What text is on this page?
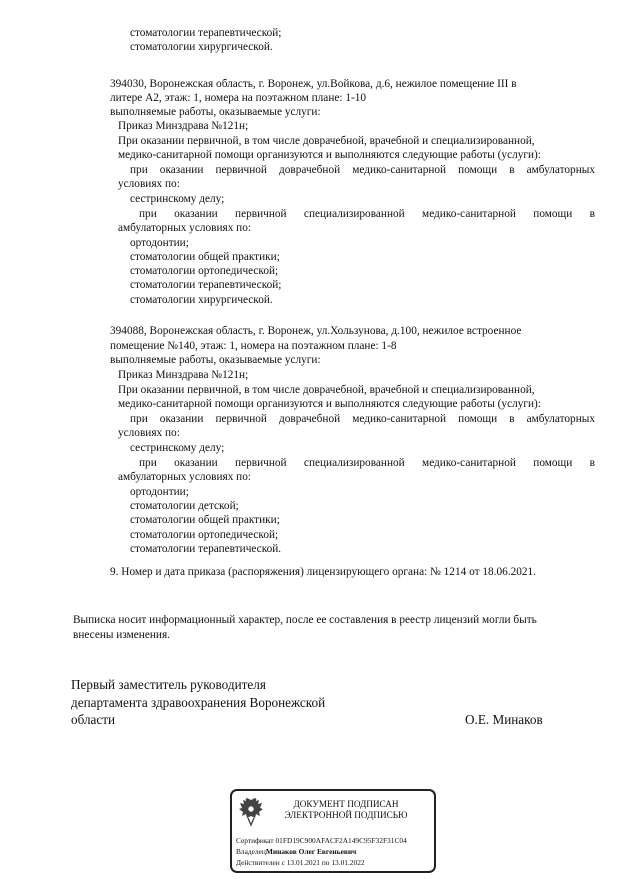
стоматологии терапевтической;
стоматологии хирургической.
394030, Воронежская область, г. Воронеж, ул.Войкова, д.6, нежилое помещение III в
литере А2, этаж: 1, номера на поэтажном плане: 1-10
выполняемые работы, оказываемые услуги:
Приказ Минздрава №121н;
При оказании первичной, в том числе доврачебной, врачебной и специализированной,
медико-санитарной помощи организуются и выполняются следующие работы (услуги):
при оказании первичной доврачебной медико-санитарной помощи в амбулаторных
условиях по:
сестринскому делу;
при оказании первичной специализированной медико-санитарной помощи в
амбулаторных условиях по:
ортодонтии;
стоматологии общей практики;
стоматологии ортопедической;
стоматологии терапевтической;
стоматологии хирургической.
394088, Воронежская область, г. Воронеж, ул.Хользунова, д.100, нежилое встроенное
помещение №140, этаж: 1, номера на поэтажном плане: 1-8
выполняемые работы, оказываемые услуги:
Приказ Минздрава №121н;
При оказании первичной, в том числе доврачебной, врачебной и специализированной,
медико-санитарной помощи организуются и выполняются следующие работы (услуги):
при оказании первичной доврачебной медико-санитарной помощи в амбулаторных
условиях по:
сестринскому делу;
при оказании первичной специализированной медико-санитарной помощи в
амбулаторных условиях по:
ортодонтии;
стоматологии детской;
стоматологии общей практики;
стоматологии ортопедической;
стоматологии терапевтической.
9. Номер и дата приказа (распоряжения) лицензирующего органа: № 1214 от 18.06.2021.
Выписка носит информационный характер, после ее составления в реестр лицензий могли быть
внесены изменения.
Первый заместитель руководителя
департамента здравоохранения Воронежской
области	О.Е. Минаков
ДОКУМЕНТ ПОДПИСАН
ЭЛЕКТРОННОЙ ПОДПИСЬЮ
Сертификат 01FD19C900AFACF2A149C95F32F31C04
ВладелецМинаков Олег Евгеньевич
Действителен с 13.01.2021 по 13.01.2022
